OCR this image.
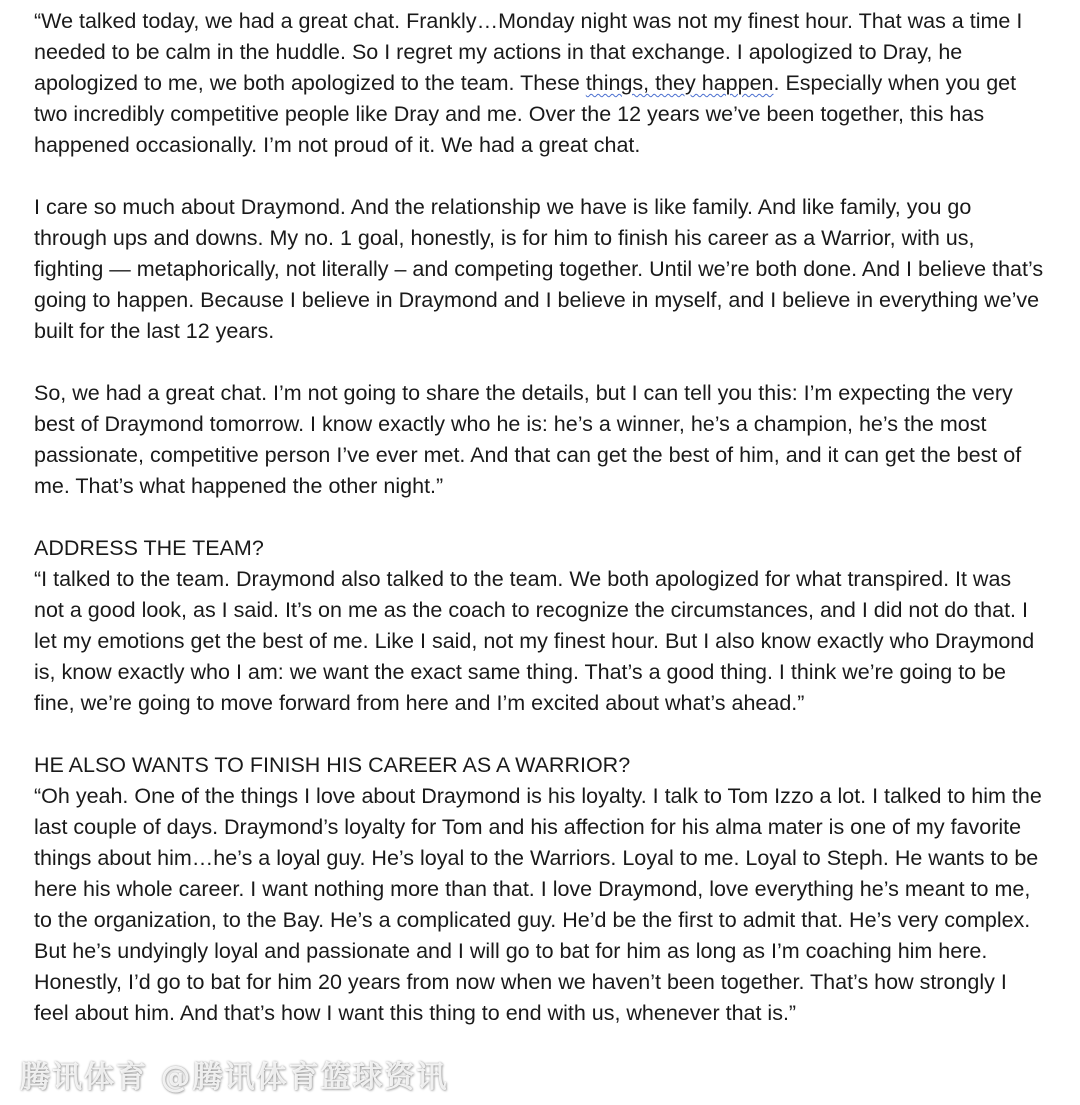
“We talked today, we had a great chat. Frankly…Monday night was not my finest hour. That was a time I needed to be calm in the huddle. So I regret my actions in that exchange. I apologized to Dray, he apologized to me, we both apologized to the team. These things, they happen. Especially when you get two incredibly competitive people like Dray and me. Over the 12 years we’ve been together, this has happened occasionally. I’m not proud of it. We had a great chat.

I care so much about Draymond. And the relationship we have is like family. And like family, you go through ups and downs. My no. 1 goal, honestly, is for him to finish his career as a Warrior, with us, fighting — metaphorically, not literally – and competing together. Until we’re both done. And I believe that’s going to happen. Because I believe in Draymond and I believe in myself, and I believe in everything we’ve built for the last 12 years.

So, we had a great chat. I’m not going to share the details, but I can tell you this: I’m expecting the very best of Draymond tomorrow. I know exactly who he is: he’s a winner, he’s a champion, he’s the most passionate, competitive person I’ve ever met. And that can get the best of him, and it can get the best of me. That’s what happened the other night.”

ADDRESS THE TEAM?

“I talked to the team. Draymond also talked to the team. We both apologized for what transpired. It was not a good look, as I said. It’s on me as the coach to recognize the circumstances, and I did not do that. I let my emotions get the best of me. Like I said, not my finest hour. But I also know exactly who Draymond is, know exactly who I am: we want the exact same thing. That’s a good thing. I think we’re going to be fine, we’re going to move forward from here and I’m excited about what’s ahead.”

HE ALSO WANTS TO FINISH HIS CAREER AS A WARRIOR?

“Oh yeah. One of the things I love about Draymond is his loyalty. I talk to Tom Izzo a lot. I talked to him the last couple of days. Draymond’s loyalty for Tom and his affection for his alma mater is one of my favorite things about him…he’s a loyal guy. He’s loyal to the Warriors. Loyal to me. Loyal to Steph. He wants to be here his whole career. I want nothing more than that. I love Draymond, love everything he’s meant to me, to the organization, to the Bay. He’s a complicated guy. He’d be the first to admit that. He’s very complex. But he’s undyingly loyal and passionate and I will go to bat for him as long as I’m coaching him here. Honestly, I’d go to bat for him 20 years from now when we haven’t been together. That’s how strongly I feel about him. And that’s how I want this thing to end with us, whenever that is.”

腾讯体育 @腾讯体育篮球资讯
